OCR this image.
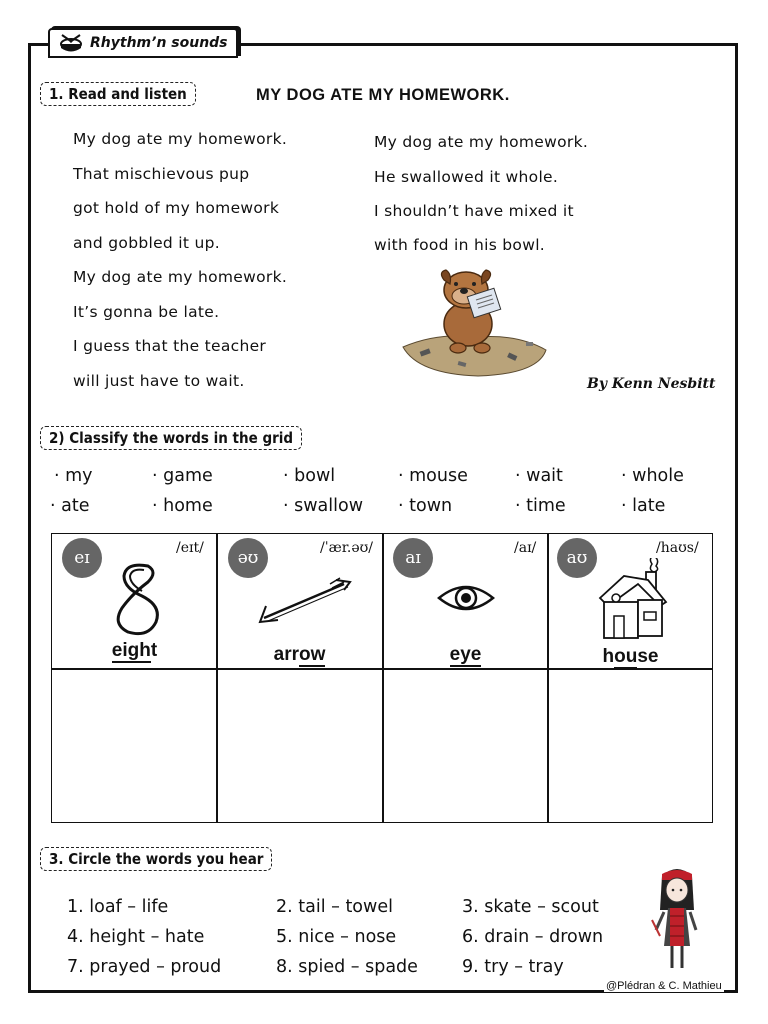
Rhythm’n sounds
1. Read and listen	MY DOG ATE MY HOMEWORK.
My dog ate my homework.
That mischievous pup
got hold of my homework
and gobbled it up.
My dog ate my homework.
It’s gonna be late.
I guess that the teacher
will just have to wait.
My dog ate my homework.
He swallowed it whole.
I shouldn’t have mixed it
with food in his bowl.
By Kenn Nesbitt
2) Classify the words in the grid
· my	· game	· bowl	· mouse	· wait	· whole
· ate	· home	· swallow · town	· time	· late
eɪ	/eɪt/
eight
əʊ	/ˈær.əʊ/
arrow
aɪ	/aɪ/
eye
aʊ	/haʊs/
house
3. Circle the words you hear
1. loaf – life	2. tail – towel	3. skate – scout
4. height – hate	5. nice – nose	6. drain – drown
7. prayed – proud	8. spied – spade	9. try – tray
@Plédran & C. Mathieu
